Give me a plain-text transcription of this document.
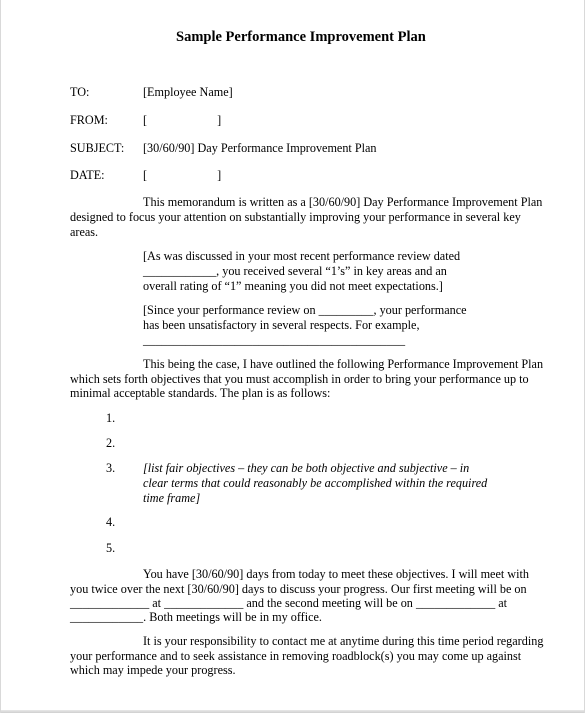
Sample Performance Improvement Plan
TO:	[Employee Name]
FROM:	[                       ]
SUBJECT: [30/60/90] Day Performance Improvement Plan
DATE:	[                       ]
This memorandum is written as a [30/60/90] Day Performance Improvement Plan
designed to focus your attention on substantially improving your performance in several key
areas.
[As was discussed in your most recent performance review dated
____________, you received several “1’s” in key areas and an
overall rating of “1” meaning you did not meet expectations.]
[Since your performance review on _________, your performance
has been unsatisfactory in several respects. For example,
___________________________________________
This being the case, I have outlined the following Performance Improvement Plan
which sets forth objectives that you must accomplish in order to bring your performance up to
minimal acceptable standards. The plan is as follows:
1.
2.
3. [list fair objectives – they can be both objective and subjective – in
clear terms that could reasonably be accomplished within the required
time frame]
4.
5.
You have [30/60/90] days from today to meet these objectives. I will meet with
you twice over the next [30/60/90] days to discuss your progress. Our first meeting will be on
_____________ at _____________ and the second meeting will be on _____________ at
____________. Both meetings will be in my office.
It is your responsibility to contact me at anytime during this time period regarding
your performance and to seek assistance in removing roadblock(s) you may come up against
which may impede your progress.
